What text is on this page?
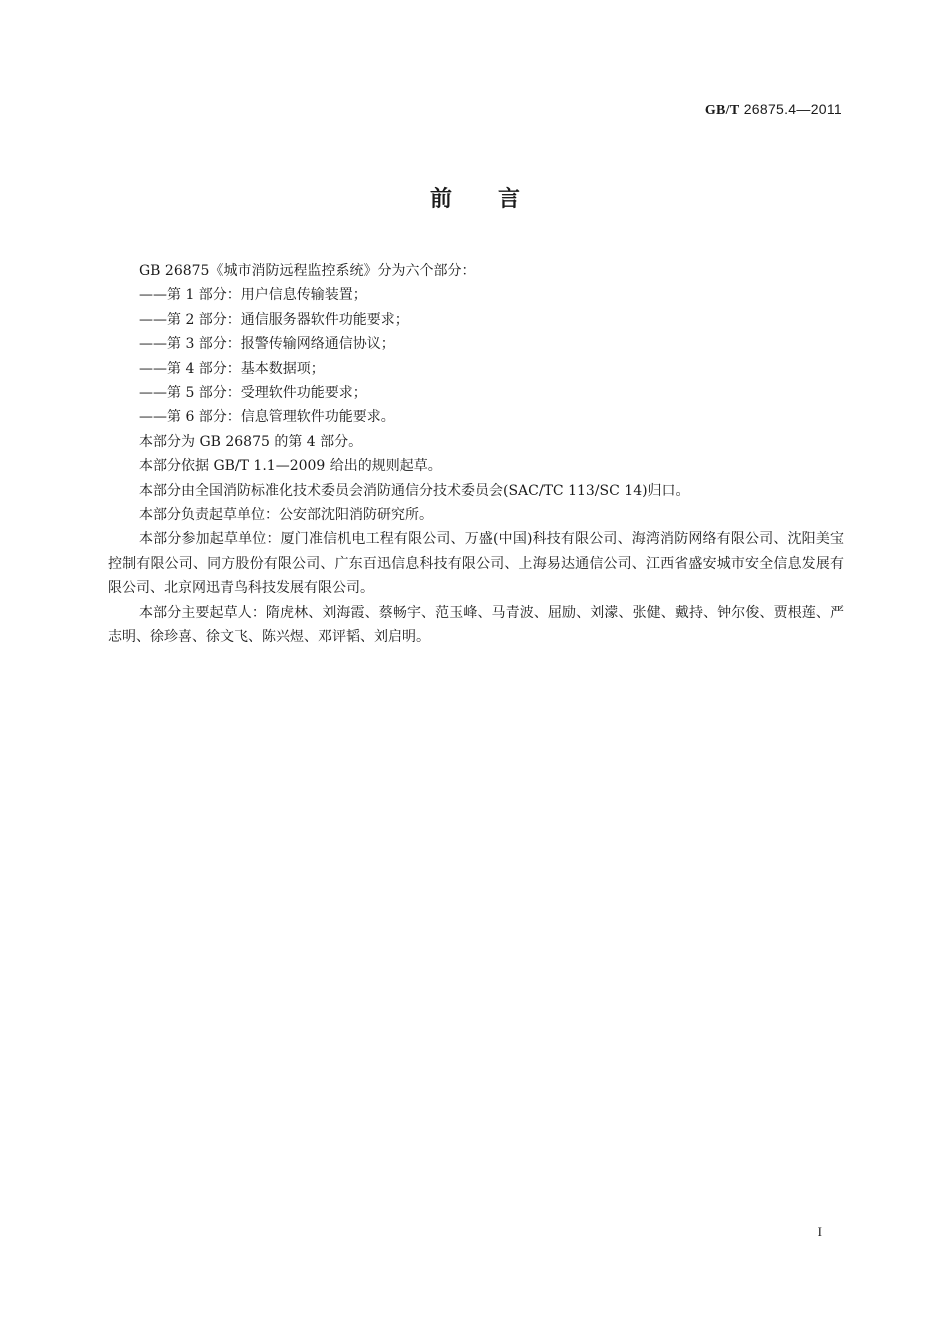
GB/T 26875.4—2011
前言

GB 26875《城市消防远程监控系统》分为六个部分：

——第 1 部分：用户信息传输装置；
——第 2 部分：通信服务器软件功能要求；
——第 3 部分：报警传输网络通信协议；
——第 4 部分：基本数据项；
——第 5 部分：受理软件功能要求；
——第 6 部分：信息管理软件功能要求。

本部分为 GB 26875 的第 4 部分。

本部分依据 GB/T 1.1—2009 给出的规则起草。

本部分由全国消防标准化技术委员会消防通信分技术委员会(SAC/TC 113/SC 14)归口。

本部分负责起草单位：公安部沈阳消防研究所。

本部分参加起草单位：厦门准信机电工程有限公司、万盛(中国)科技有限公司、海湾消防网络有限公司、沈阳美宝控制有限公司、同方股份有限公司、广东百迅信息科技有限公司、上海易达通信公司、江西省盛安城市安全信息发展有限公司、北京网迅青鸟科技发展有限公司。

本部分主要起草人：隋虎林、刘海霞、蔡畅宇、范玉峰、马青波、屈励、刘濛、张健、戴持、钟尔俊、贾根莲、严志明、徐珍喜、徐文飞、陈兴煜、邓评韬、刘启明。

I
